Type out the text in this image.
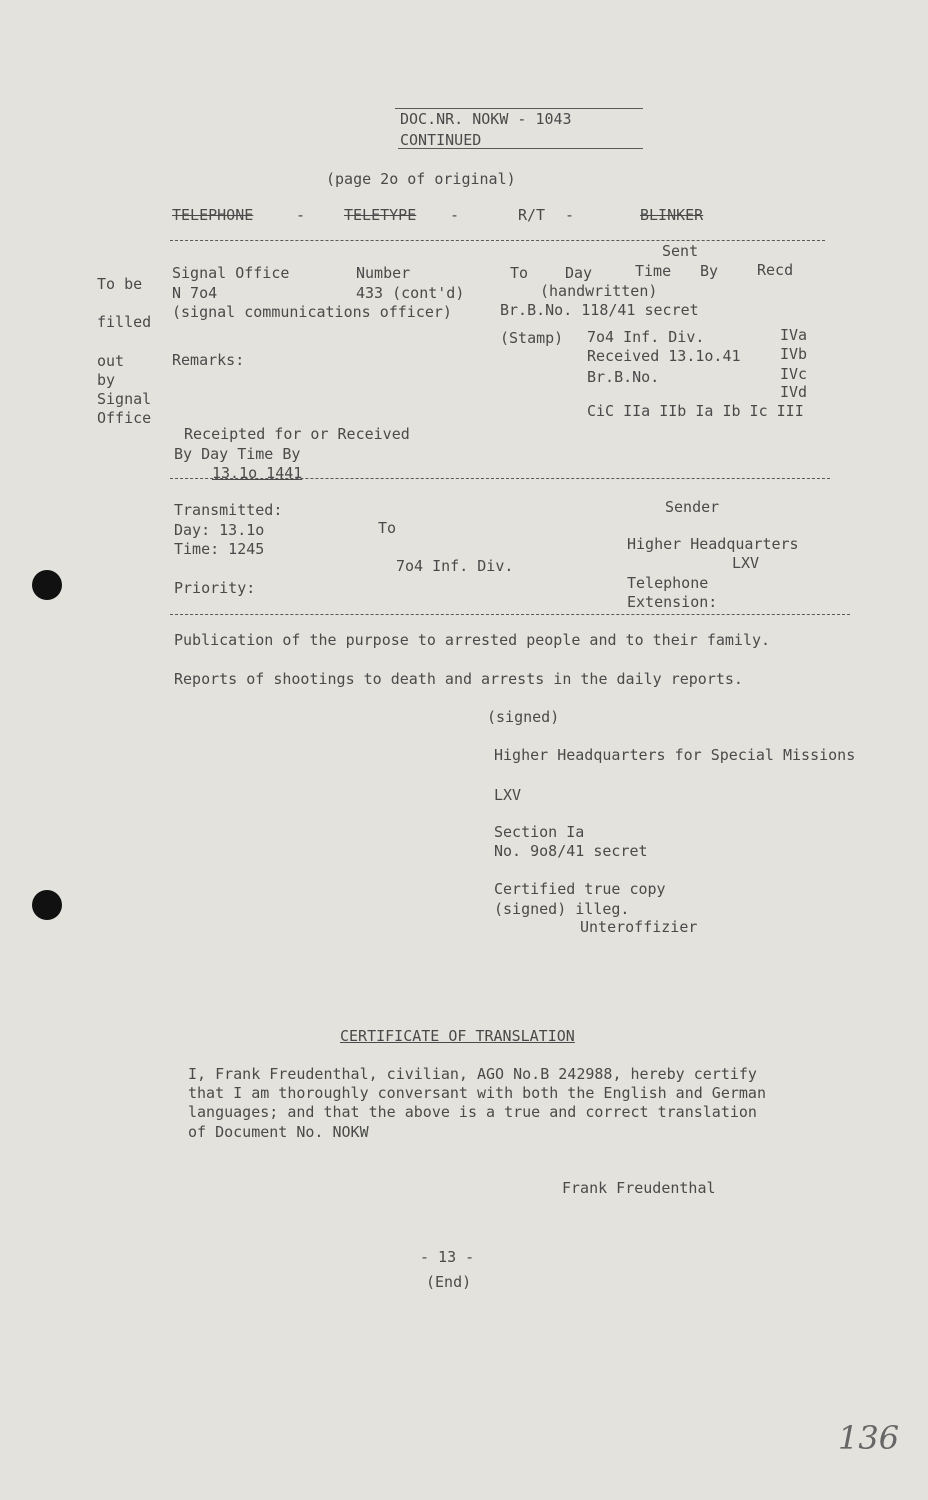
DOC.NR. NOKW - 1043
CONTINUED
(page 2o of original)
TELEPHONE	-	TELETYPE -	R/T -	BLINKER
To be
filled
out
by
Signal
Office
Sent
Signal Office	Number	To Day	Time By	Recd
N 7o4	433 (cont'd)	(handwritten)
(signal communications officer)	Br.B.No. 118/41 secret
(Stamp) 7o4 Inf. Div.	IVa
Remarks:	Received 13.1o.41	IVb
Br.B.No.	IVc
IVd
CiC IIa IIb Ia Ib Ic III
Receipted for or Received
By Day Time By
13.1o 1441
Transmitted:	Sender
Day: 13.1o	To
Time: 1245	Higher Headquarters
7o4 Inf. Div.	LXV
Priority:	Telephone
Extension:
Publication of the purpose to arrested people and to their family.
Reports of shootings to death and arrests in the daily reports.
(signed)
Higher Headquarters for Special Missions
LXV
Section Ia
No. 9o8/41 secret
Certified true copy
(signed) illeg.
Unteroffizier
CERTIFICATE OF TRANSLATION
I, Frank Freudenthal, civilian, AGO No.B 242988, hereby certify
that I am thoroughly conversant with both the English and German
languages; and that the above is a true and correct translation
of Document No. NOKW
Frank Freudenthal
- 13 -
(End)
136
